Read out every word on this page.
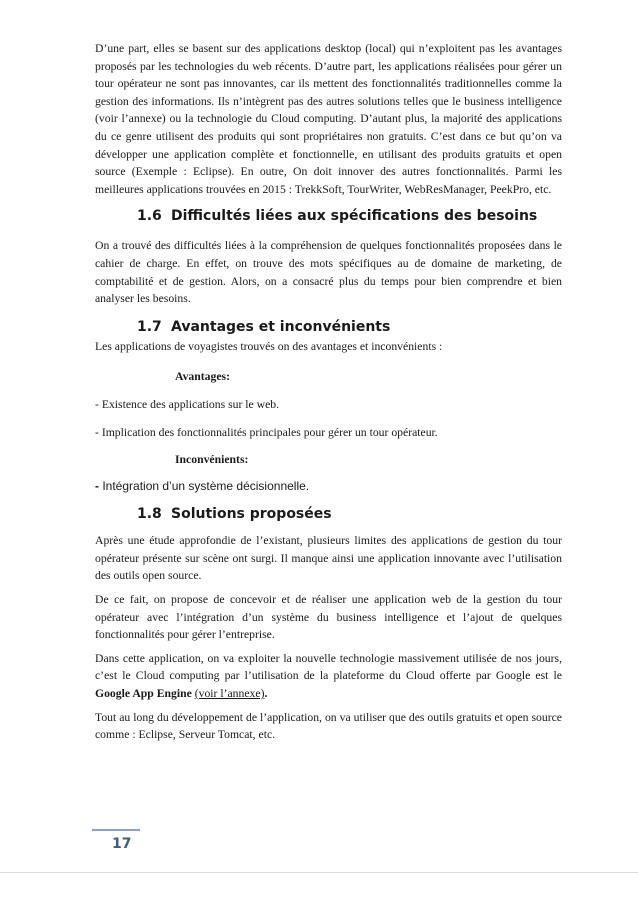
D’une part, elles se basent sur des applications desktop (local) qui n’exploitent pas les avantages proposés par les technologies du web récents. D’autre part, les applications réalisées pour gérer un tour opérateur ne sont pas innovantes, car ils mettent des fonctionnalités traditionnelles comme la gestion des informations. Ils n’intègrent pas des autres solutions telles que le business intelligence (voir l’annexe) ou la technologie du Cloud computing. D’autant plus, la majorité des applications du ce genre utilisent des produits qui sont propriétaires non gratuits. C’est dans ce but qu’on va développer une application complète et fonctionnelle, en utilisant des produits gratuits et open source (Exemple : Eclipse). En outre, On doit innover des autres fonctionnalités. Parmi les meilleures applications trouvées en 2015 : TrekkSoft, TourWriter, WebResManager, PeekPro, etc.

1.6 Difficultés liées aux spécifications des besoins

On a trouvé des difficultés liées à la compréhension de quelques fonctionnalités proposées dans le cahier de charge. En effet, on trouve des mots spécifiques au de domaine de marketing, de comptabilité et de gestion. Alors, on a consacré plus du temps pour bien comprendre et bien analyser les besoins.

1.7 Avantages et inconvénients

Les applications de voyagistes trouvés on des avantages et inconvénients :

Avantages:

- Existence des applications sur le web.

- Implication des fonctionnalités principales pour gérer un tour opérateur.

Inconvénients:

- Intégration d’un système décisionnelle.

1.8 Solutions proposées

Après une étude approfondie de l’existant, plusieurs limites des applications de gestion du tour opérateur présente sur scène ont surgi. Il manque ainsi une application innovante avec l’utilisation des outils open source.

De ce fait, on propose de concevoir et de réaliser une application web de la gestion du tour opérateur avec l’intégration d’un système du business intelligence et l’ajout de quelques fonctionnalités pour gérer l’entreprise.

Dans cette application, on va exploiter la nouvelle technologie massivement utilisée de nos jours, c’est le Cloud computing par l’utilisation de la plateforme du Cloud offerte par Google est le Google App Engine (voir l’annexe).

Tout au long du développement de l’application, on va utiliser que des outils gratuits et open source comme : Eclipse, Serveur Tomcat, etc.

17
